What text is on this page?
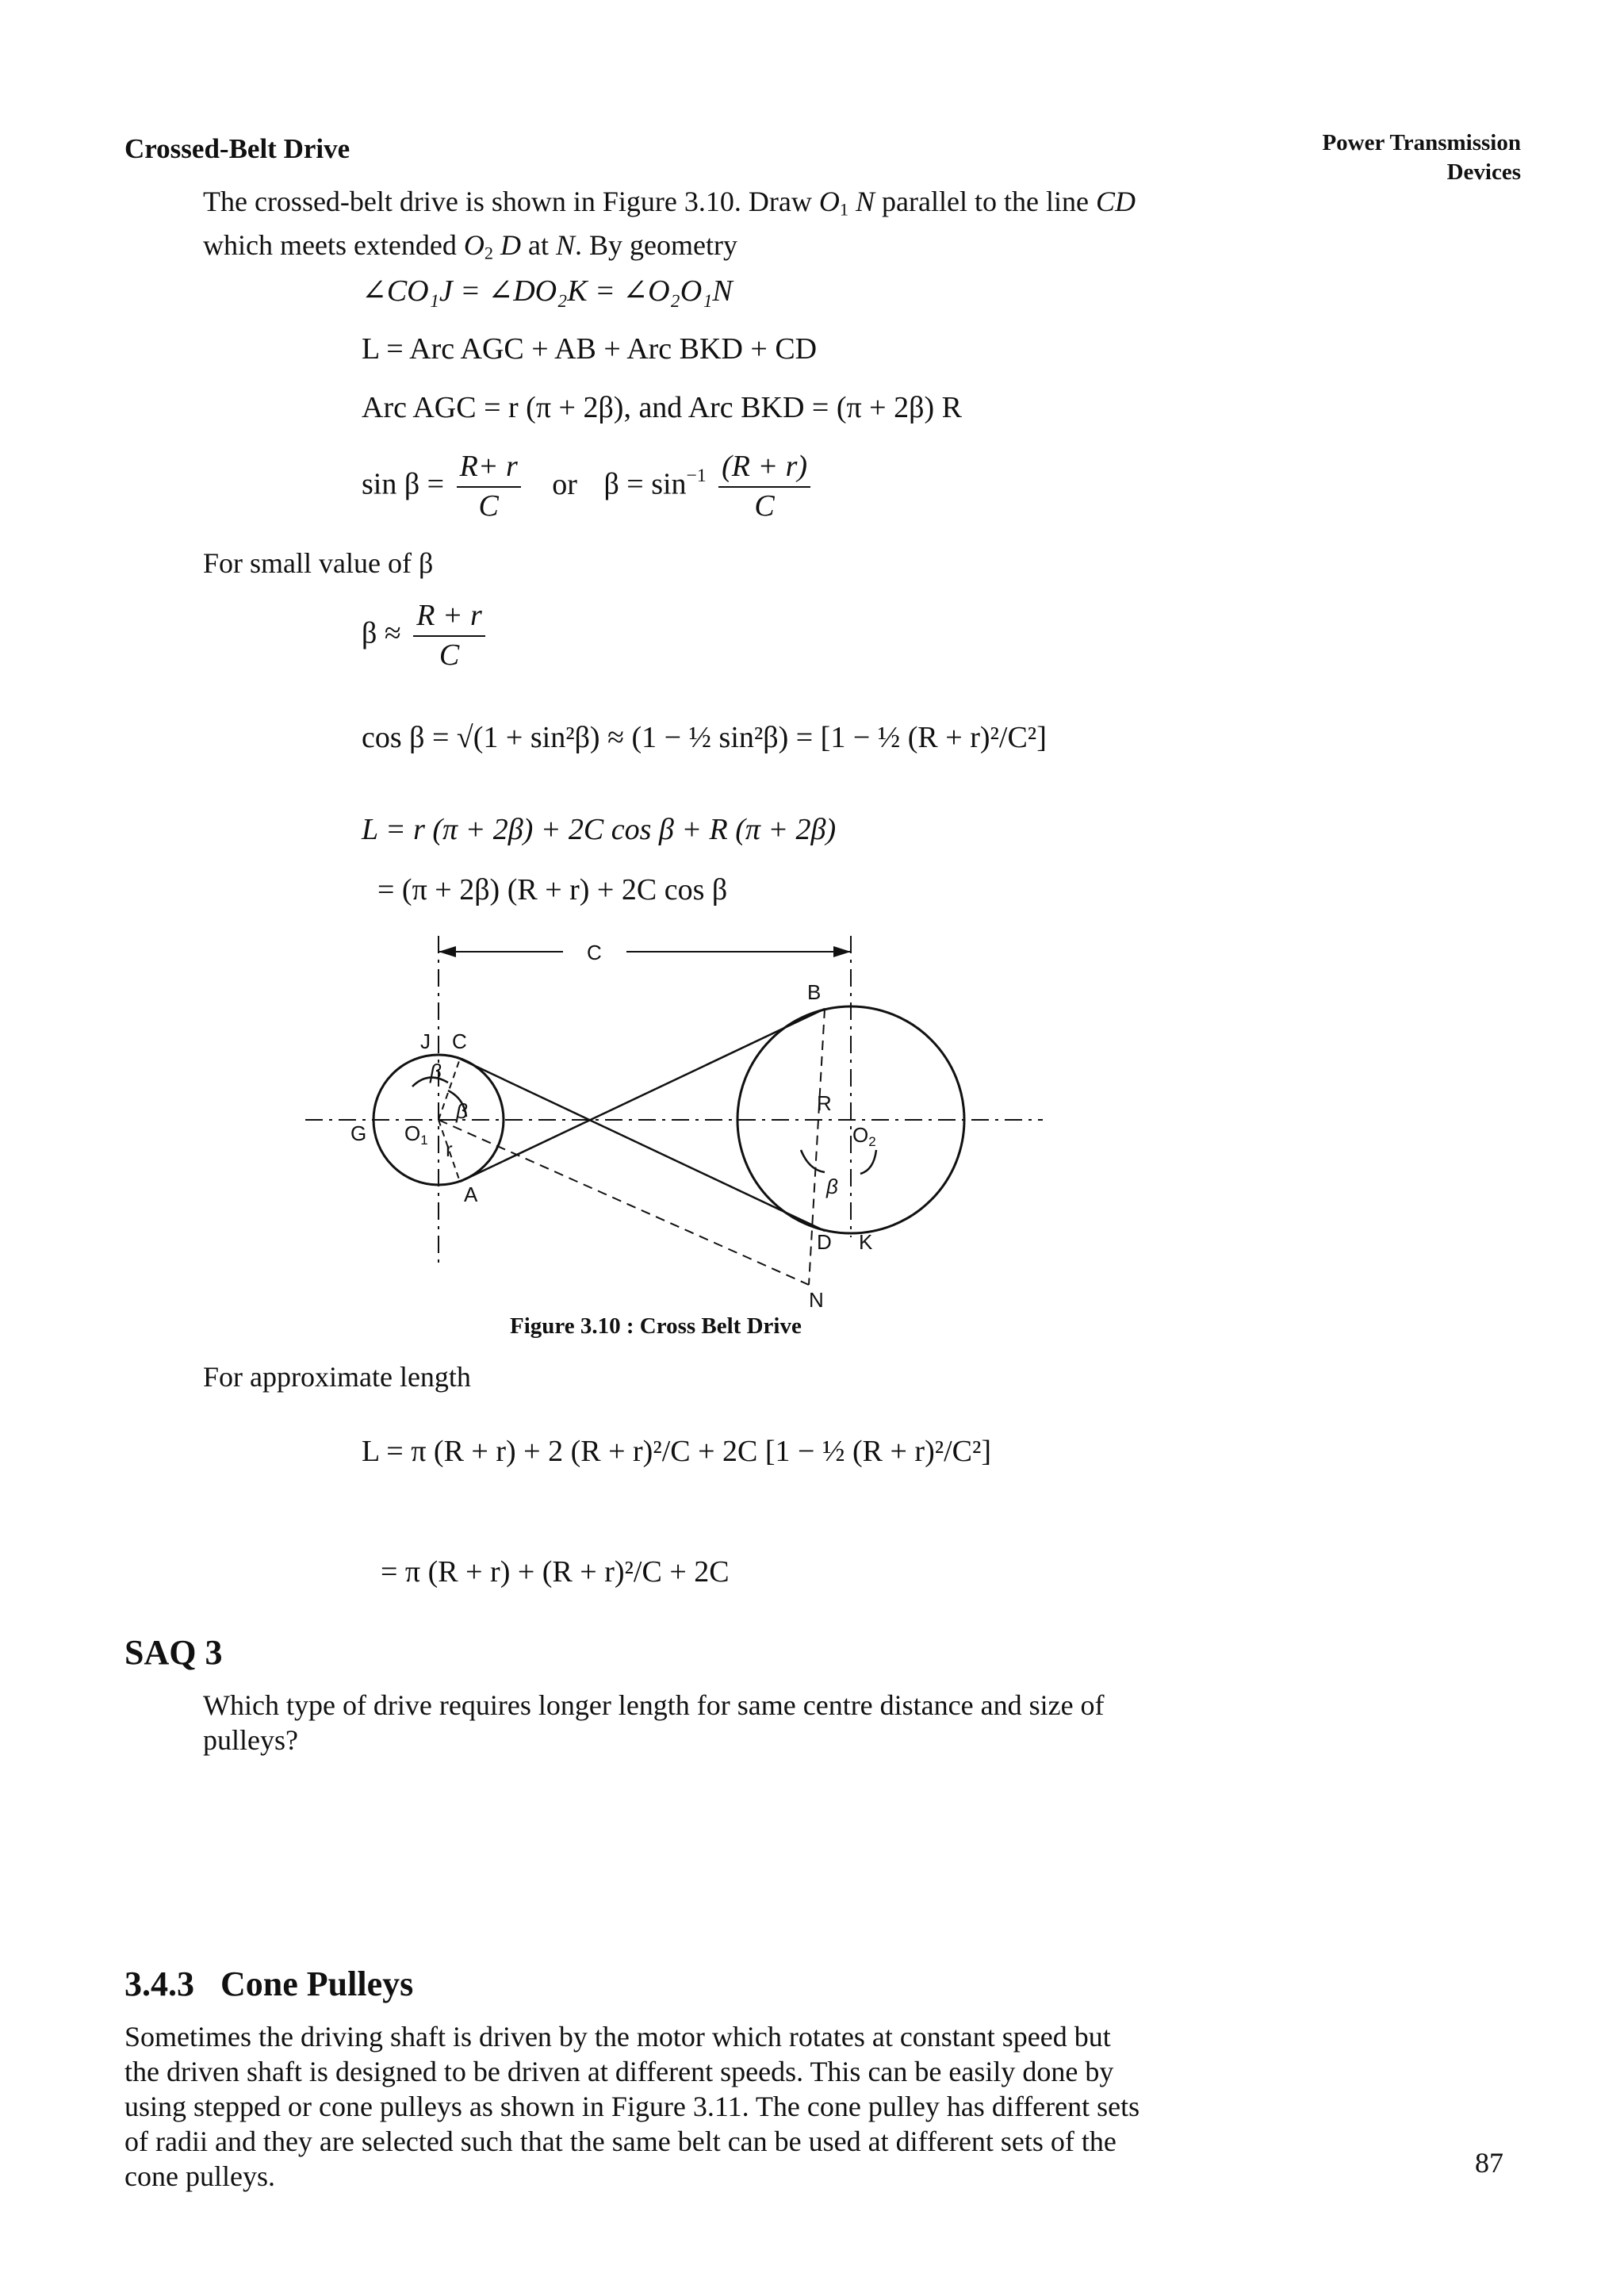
Crossed-Belt Drive	Power Transmission
Devices
The crossed-belt drive is shown in Figure 3.10. Draw $O_1$ N parallel to the line CD
which meets extended $O_2$ D at N. By geometry
∠CO₁J = ∠DO₂K = ∠O₂O₁N
L = Arc AGC + AB + Arc BKD + CD
Arc AGC = r (π + 2β), and Arc BKD = (π + 2β) R
$\sin \beta = \frac{R+ r}{C}$ or $\beta = \sin^{-1} \frac{(R + r)}{C}$
For small value of β
$\beta \approx \frac{R + r}{C}$
cos β = √(1 + sin²β) ≈ (1 − ½ sin²β) = [1 − ½ (R + r)²/C²]
L = r (π + 2β) + 2C cos β + R (π + 2β)
= (π + 2β) (R + r) + 2C cos β
C
B
J C
β
β
G O1 r
A
R
O2
β
D K
N
Figure 3.10 : Cross Belt Drive
For approximate length
L = π (R + r) + 2 (R + r)²/C + 2C [1 − ½ (R + r)²/C²]
= π (R + r) + (R + r)²/C + 2C
SAQ 3
Which type of drive requires longer length for same centre distance and size of
pulleys?
3.4.3   Cone Pulleys
Sometimes the driving shaft is driven by the motor which rotates at constant speed but
the driven shaft is designed to be driven at different speeds. This can be easily done by
using stepped or cone pulleys as shown in Figure 3.11. The cone pulley has different sets
of radii and they are selected such that the same belt can be used at different sets of the
cone pulleys.	87
